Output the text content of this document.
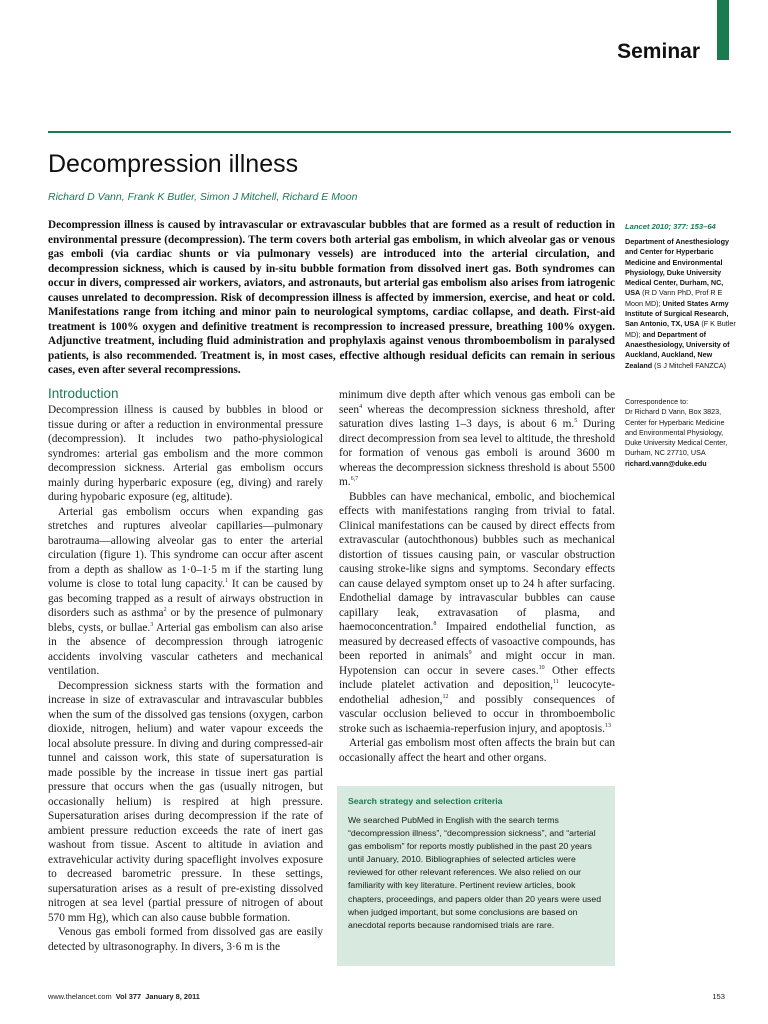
Seminar
Decompression illness
Richard D Vann, Frank K Butler, Simon J Mitchell, Richard E Moon
Decompression illness is caused by intravascular or extravascular bubbles that are formed as a result of reduction in environmental pressure (decompression). The term covers both arterial gas embolism, in which alveolar gas or venous gas emboli (via cardiac shunts or via pulmonary vessels) are introduced into the arterial circulation, and decompression sickness, which is caused by in-situ bubble formation from dissolved inert gas. Both syndromes can occur in divers, compressed air workers, aviators, and astronauts, but arterial gas embolism also arises from iatrogenic causes unrelated to decompression. Risk of decompression illness is affected by immersion, exercise, and heat or cold. Manifestations range from itching and minor pain to neurological symptoms, cardiac collapse, and death. First-aid treatment is 100% oxygen and definitive treatment is recompression to increased pressure, breathing 100% oxygen. Adjunctive treatment, including fluid administration and prophylaxis against venous thromboembolism in paralysed patients, is also recommended. Treatment is, in most cases, effective although residual deficits can remain in serious cases, even after several recompressions.
Lancet 2010; 377: 153–64
Department of Anesthesiology and Center for Hyperbaric Medicine and Environmental Physiology, Duke University Medical Center, Durham, NC, USA (R D Vann PhD, Prof R E Moon MD); United States Army Institute of Surgical Research, San Antonio, TX, USA (F K Butler MD); and Department of Anaesthesiology, University of Auckland, Auckland, New Zealand (S J Mitchell FANZCA)
Correspondence to:
Dr Richard D Vann, Box 3823, Center for Hyperbaric Medicine and Environmental Physiology, Duke University Medical Center, Durham, NC 27710, USA
richard.vann@duke.edu
Introduction

Decompression illness is caused by bubbles in blood or tissue during or after a reduction in environmental pressure (decompression). It includes two patho-physiological syndromes: arterial gas embolism and the more common decompression sickness. Arterial gas embolism occurs mainly during hyperbaric exposure (eg, diving) and rarely during hypobaric exposure (eg, altitude).

Arterial gas embolism occurs when expanding gas stretches and ruptures alveolar capillaries—pulmonary barotrauma—allowing alveolar gas to enter the arterial circulation (figure 1). This syndrome can occur after ascent from a depth as shallow as 1·0–1·5 m if the starting lung volume is close to total lung capacity.$^1$ It can be caused by gas becoming trapped as a result of airways obstruction in disorders such as asthma$^2$ or by the presence of pulmonary blebs, cysts, or bullae.$^3$ Arterial gas embolism can also arise in the absence of decompression through iatrogenic accidents involving vascular catheters and mechanical ventilation.

Decompression sickness starts with the formation and increase in size of extravascular and intravascular bubbles when the sum of the dissolved gas tensions (oxygen, carbon dioxide, nitrogen, helium) and water vapour exceeds the local absolute pressure. In diving and during compressed-air tunnel and caisson work, this state of supersaturation is made possible by the increase in tissue inert gas partial pressure that occurs when the gas (usually nitrogen, but occasionally helium) is respired at high pressure. Supersaturation arises during decompression if the rate of ambient pressure reduction exceeds the rate of inert gas washout from tissue. Ascent to altitude in aviation and extravehicular activity during spaceflight involves exposure to decreased barometric pressure. In these settings, supersaturation arises as a result of pre-existing dissolved nitrogen at sea level (partial pressure of nitrogen of about 570 mm Hg), which can also cause bubble formation.

Venous gas emboli formed from dissolved gas are easily detected by ultrasonography. In divers, 3·6 m is the

minimum dive depth after which venous gas emboli can be seen$^4$ whereas the decompression sickness threshold, after saturation dives lasting 1–3 days, is about 6 m.$^5$ During direct decompression from sea level to altitude, the threshold for formation of venous gas emboli is around 3600 m whereas the decompression sickness threshold is about 5500 m.$^{6,7}$

Bubbles can have mechanical, embolic, and biochemical effects with manifestations ranging from trivial to fatal. Clinical manifestations can be caused by direct effects from extravascular (autochthonous) bubbles such as mechanical distortion of tissues causing pain, or vascular obstruction causing stroke-like signs and symptoms. Secondary effects can cause delayed symptom onset up to 24 h after surfacing. Endothelial damage by intravascular bubbles can cause capillary leak, extravasation of plasma, and haemoconcentration.$^8$ Impaired endothelial function, as measured by decreased effects of vasoactive compounds, has been reported in animals$^9$ and might occur in man. Hypotension can occur in severe cases.$^{10}$ Other effects include platelet activation and deposition,$^{11}$ leucocyte-endothelial adhesion,$^{12}$ and possibly consequences of vascular occlusion believed to occur in thromboembolic stroke such as ischaemia-reperfusion injury, and apoptosis.$^{13}$

Arterial gas embolism most often affects the brain but can occasionally affect the heart and other organs.

Search strategy and selection criteria
We searched PubMed in English with the search terms “decompression illness”, “decompression sickness”, and “arterial gas embolism” for reports mostly published in the past 20 years until January, 2010. Bibliographies of selected articles were reviewed for other relevant references. We also relied on our familiarity with key literature. Pertinent review articles, book chapters, proceedings, and papers older than 20 years were used when judged important, but some conclusions are based on anecdotal reports because randomised trials are rare.
www.thelancet.com Vol 377 January 8, 2011	153
